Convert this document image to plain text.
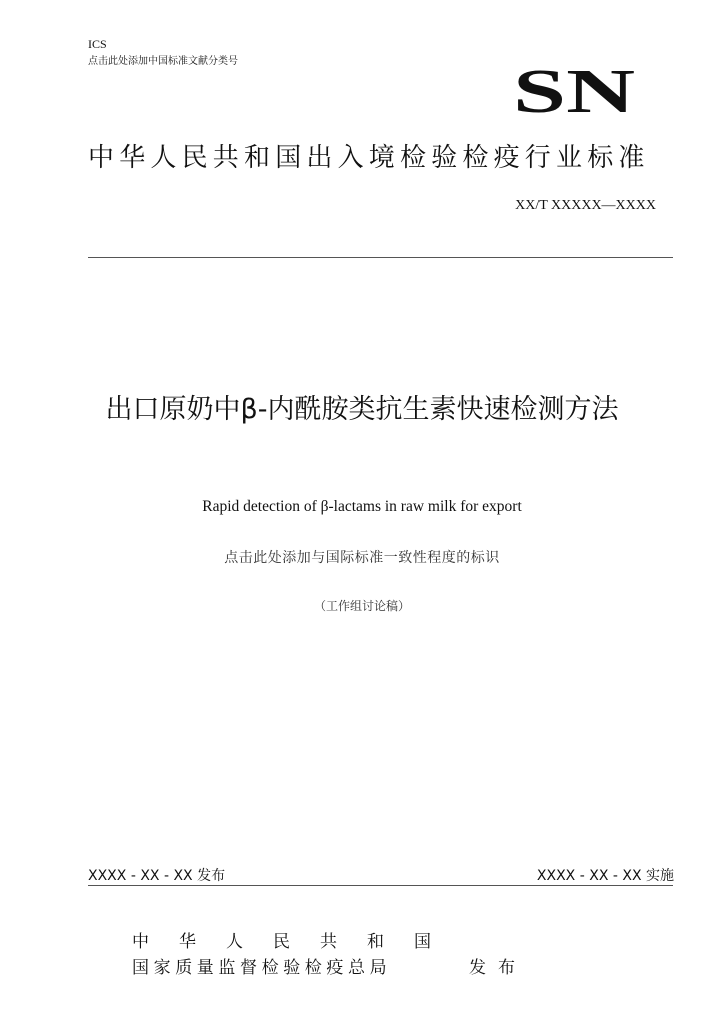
ICS
点击此处添加中国标准文献分类号	SN
中华人民共和国出入境检验检疫行业标准
XX/T XXXXX—XXXX
出口原奶中β-内酰胺类抗生素快速检测方法
Rapid detection of β-lactams in raw milk for export
点击此处添加与国际标准一致性程度的标识
（工作组讨论稿）
XXXX - XX - XX 发布	XXXX - XX - XX 实施
中华人民共和国
国家质量监督检验检疫总局	发布
